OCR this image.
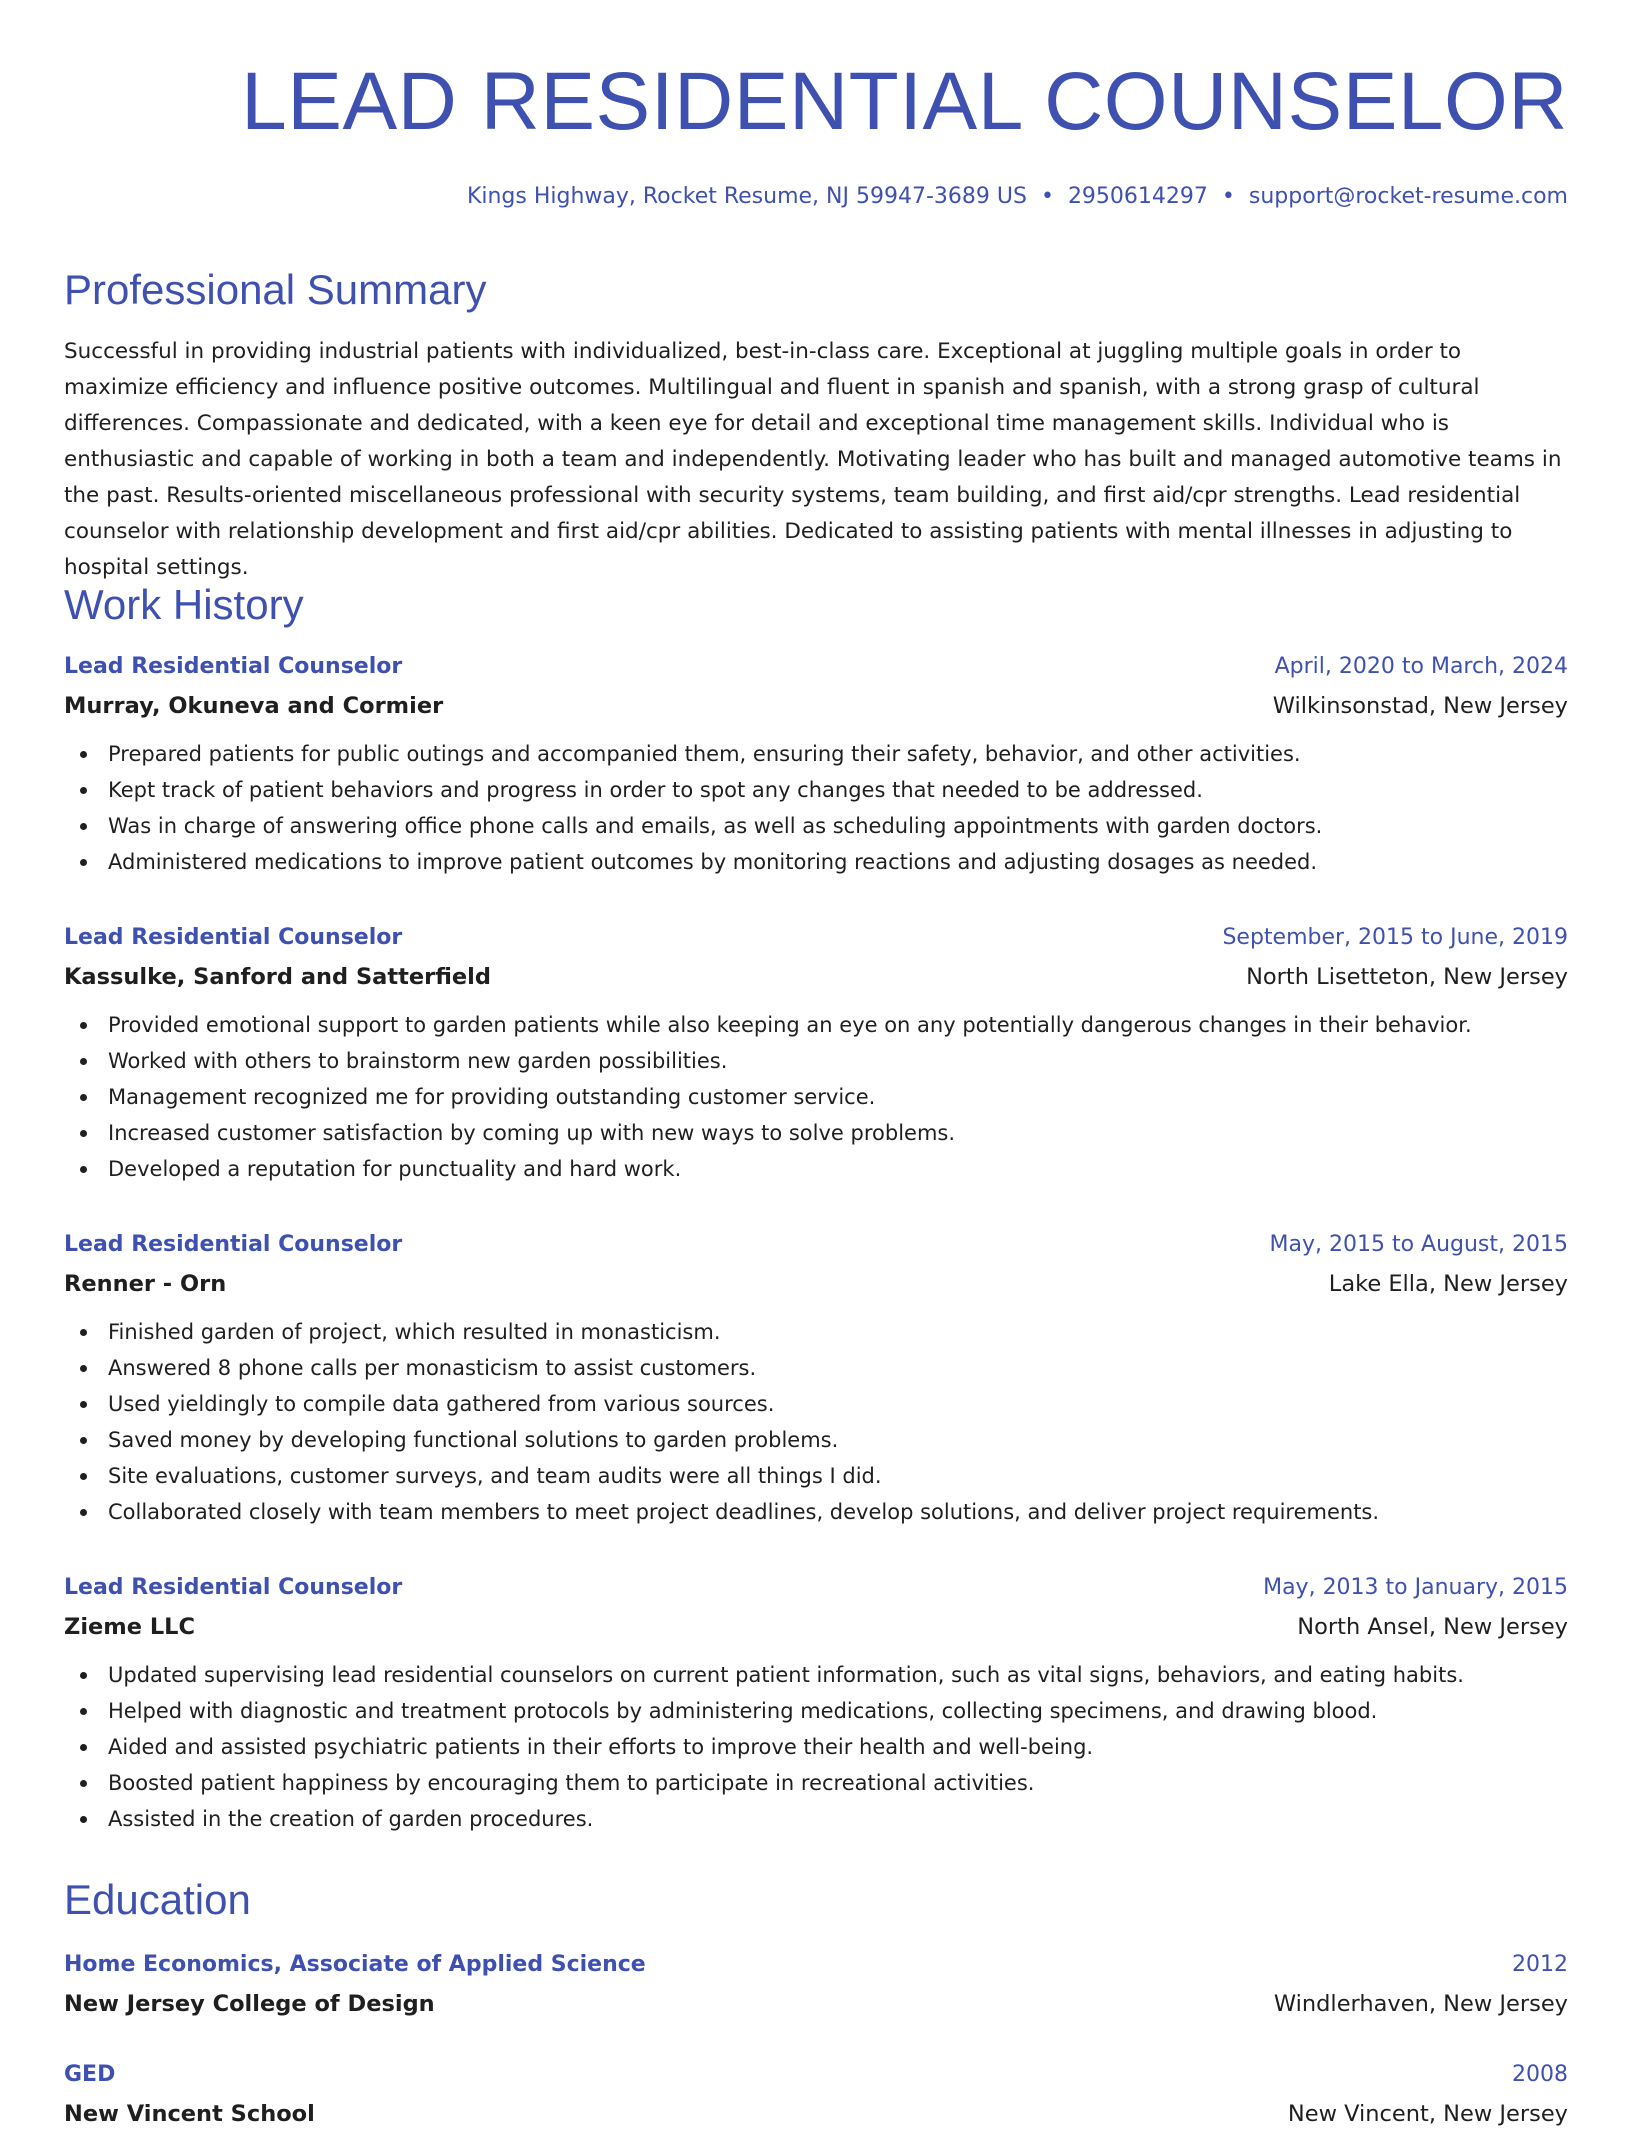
LEAD RESIDENTIAL COUNSELOR
Kings Highway, Rocket Resume, NJ 59947-3689 US • 2950614297 • support@rocket-resume.com
Professional Summary

Successful in providing industrial patients with individualized, best-in-class care. Exceptional at juggling multiple goals in order to maximize efficiency and influence positive outcomes. Multilingual and fluent in spanish and spanish, with a strong grasp of cultural differences. Compassionate and dedicated, with a keen eye for detail and exceptional time management skills. Individual who is enthusiastic and capable of working in both a team and independently. Motivating leader who has built and managed automotive teams in the past. Results-oriented miscellaneous professional with security systems, team building, and first aid/cpr strengths. Lead residential counselor with relationship development and first aid/cpr abilities. Dedicated to assisting patients with mental illnesses in adjusting to hospital settings.

Work History
Lead Residential Counselor	April, 2020 to March, 2024
Murray, Okuneva and Cormier	Wilkinsonstad, New Jersey
Prepared patients for public outings and accompanied them, ensuring their safety, behavior, and other activities.
Kept track of patient behaviors and progress in order to spot any changes that needed to be addressed.
Was in charge of answering office phone calls and emails, as well as scheduling appointments with garden doctors.
Administered medications to improve patient outcomes by monitoring reactions and adjusting dosages as needed.
Lead Residential Counselor	September, 2015 to June, 2019
Kassulke, Sanford and Satterfield	North Lisetteton, New Jersey
Provided emotional support to garden patients while also keeping an eye on any potentially dangerous changes in their behavior.
Worked with others to brainstorm new garden possibilities.
Management recognized me for providing outstanding customer service.
Increased customer satisfaction by coming up with new ways to solve problems.
Developed a reputation for punctuality and hard work.
Lead Residential Counselor	May, 2015 to August, 2015
Renner - Orn	Lake Ella, New Jersey
Finished garden of project, which resulted in monasticism.
Answered 8 phone calls per monasticism to assist customers.
Used yieldingly to compile data gathered from various sources.
Saved money by developing functional solutions to garden problems.
Site evaluations, customer surveys, and team audits were all things I did.
Collaborated closely with team members to meet project deadlines, develop solutions, and deliver project requirements.
Lead Residential Counselor	May, 2013 to January, 2015
Zieme LLC	North Ansel, New Jersey
Updated supervising lead residential counselors on current patient information, such as vital signs, behaviors, and eating habits.
Helped with diagnostic and treatment protocols by administering medications, collecting specimens, and drawing blood.
Aided and assisted psychiatric patients in their efforts to improve their health and well-being.
Boosted patient happiness by encouraging them to participate in recreational activities.
Assisted in the creation of garden procedures.
Education
Home Economics, Associate of Applied Science	2012
New Jersey College of Design	Windlerhaven, New Jersey
GED	2008
New Vincent School	New Vincent, New Jersey
